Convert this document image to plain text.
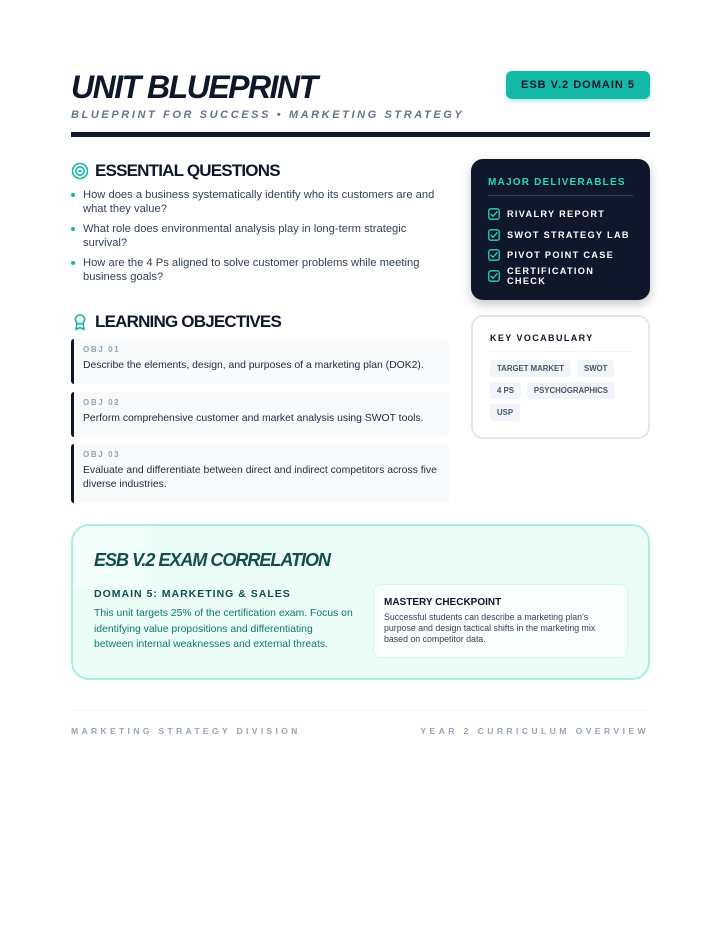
UNIT BLUEPRINT
BLUEPRINT FOR SUCCESS • MARKETING STRATEGY
ESB V.2 DOMAIN 5
ESSENTIAL QUESTIONS
How does a business systematically identify who its customers are and what they value?
What role does environmental analysis play in long-term strategic survival?
How are the 4 Ps aligned to solve customer problems while meeting business goals?
LEARNING OBJECTIVES
OBJ 01
Describe the elements, design, and purposes of a marketing plan (DOK2).
OBJ 02
Perform comprehensive customer and market analysis using SWOT tools.
OBJ 03
Evaluate and differentiate between direct and indirect competitors across five diverse industries.
MAJOR DELIVERABLES
RIVALRY REPORT
SWOT STRATEGY LAB
PIVOT POINT CASE
CERTIFICATION CHECK
KEY VOCABULARY
TARGET MARKET	SWOT
4 PS	PSYCHOGRAPHICS
USP
ESB V.2 EXAM CORRELATION
DOMAIN 5: MARKETING & SALES
This unit targets 25% of the certification exam. Focus on identifying value propositions and differentiating between internal weaknesses and external threats.
MASTERY CHECKPOINT

Successful students can describe a marketing plan's purpose and design tactical shifts in the marketing mix based on competitor data.

MARKETING STRATEGY DIVISION	YEAR 2 CURRICULUM OVERVIEW
